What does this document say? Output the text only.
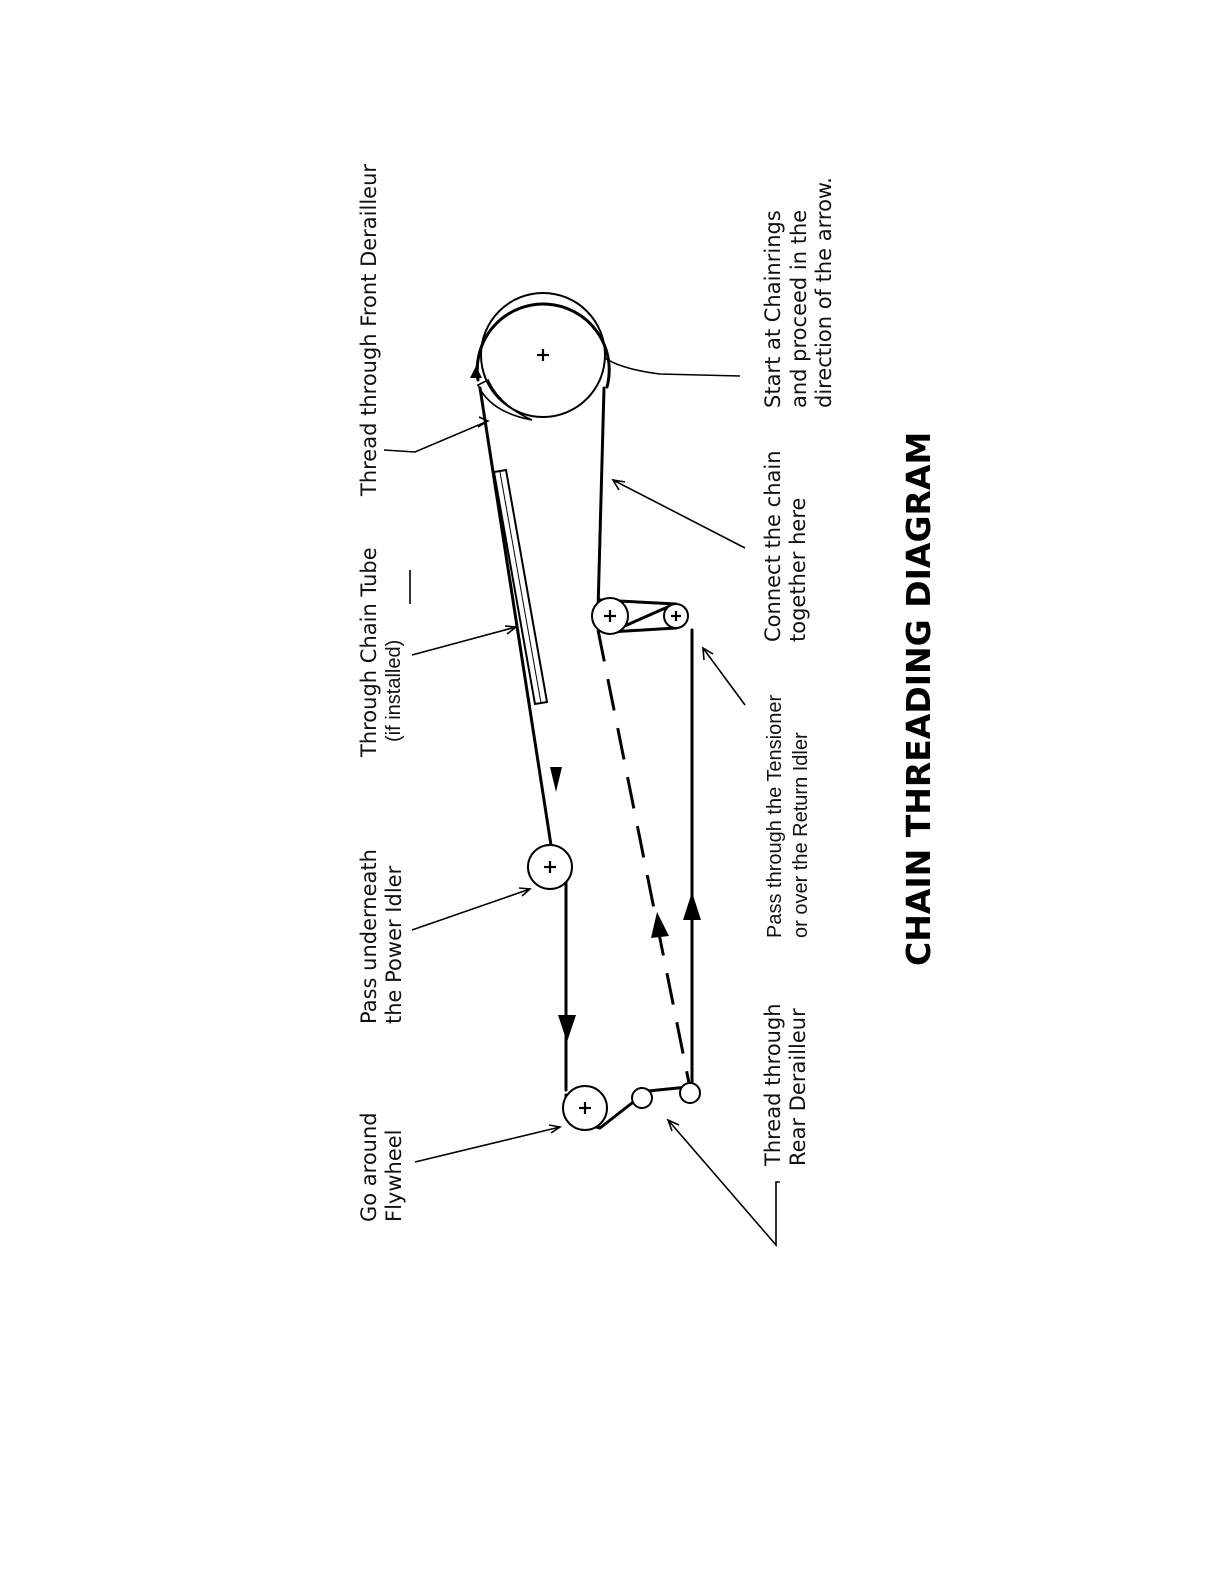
Thread through Front Derailleur
Through Chain Tube (if installed)
Pass underneath the Power Idler
Go around Flywheel
Start at Chainrings and proceed in the direction of the arrow.
Connect the chain together here
Pass through the Tensioner or over the Return Idler
Thread through Rear Derailleur
CHAIN THREADING DIAGRAM
